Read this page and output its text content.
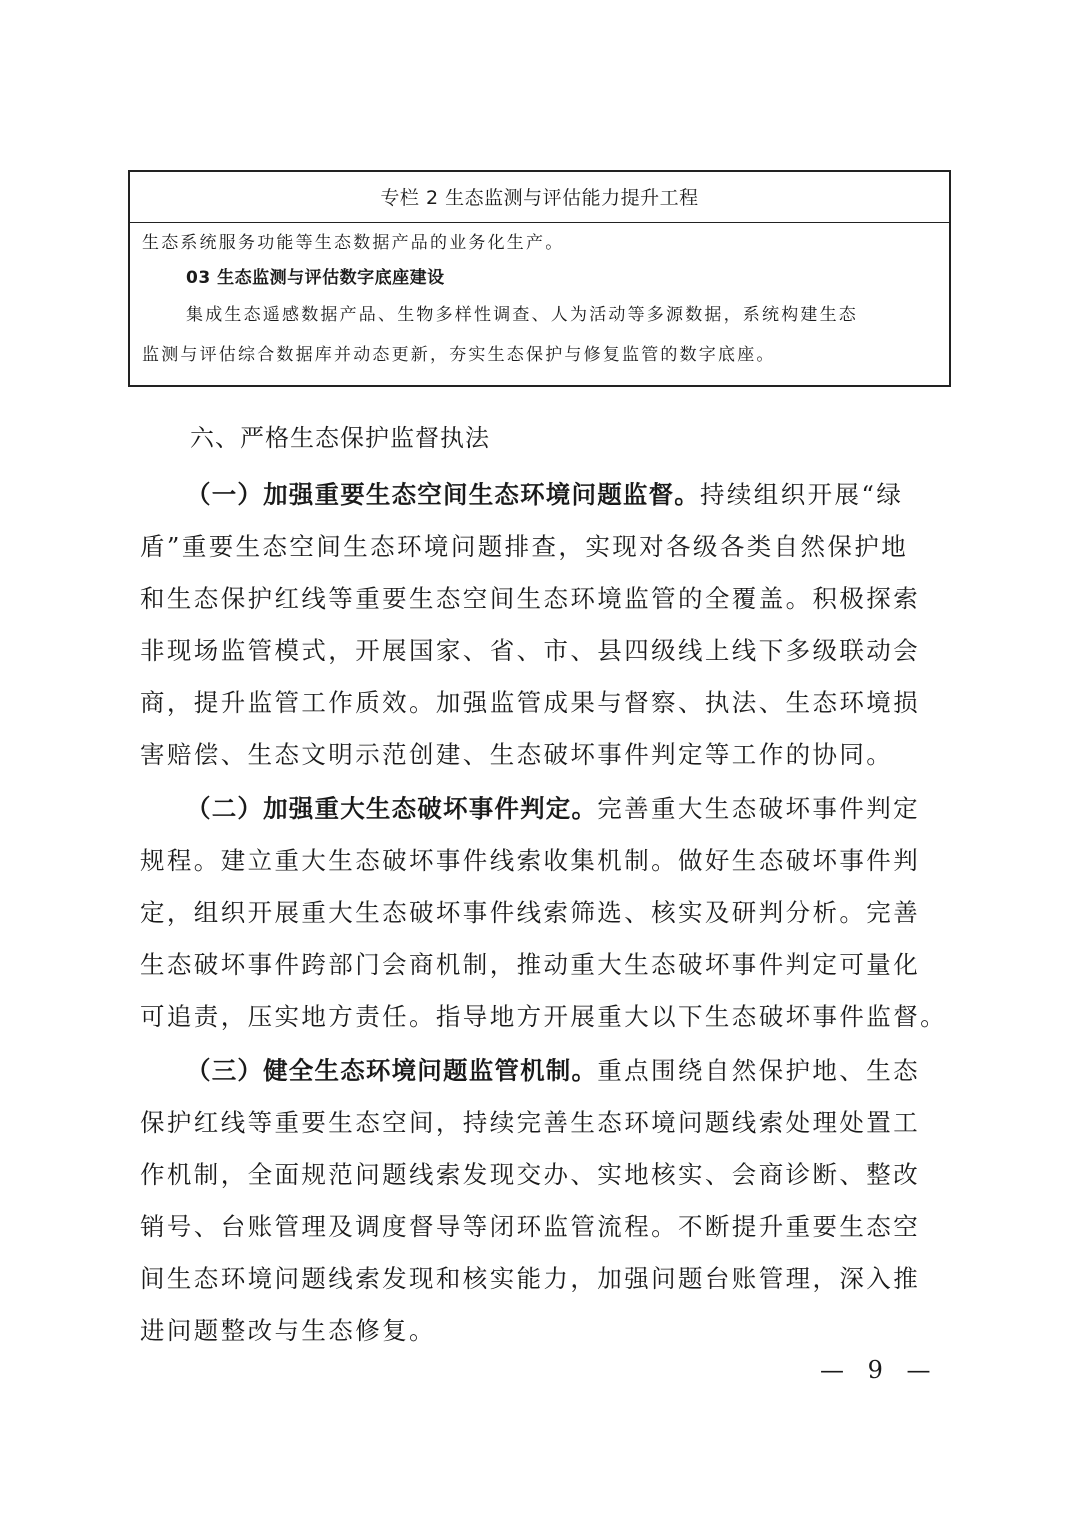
专栏 2 生态监测与评估能力提升工程
生态系统服务功能等生态数据产品的业务化生产。
03 生态监测与评估数字底座建设
集成生态遥感数据产品、生物多样性调查、人为活动等多源数据，系统构建生态
监测与评估综合数据库并动态更新，夯实生态保护与修复监管的数字底座。
六、严格生态保护监督执法
（一）加强重要生态空间生态环境问题监督。持续组织开展“绿
盾”重要生态空间生态环境问题排查，实现对各级各类自然保护地
和生态保护红线等重要生态空间生态环境监管的全覆盖。积极探索
非现场监管模式，开展国家、省、市、县四级线上线下多级联动会
商，提升监管工作质效。加强监管成果与督察、执法、生态环境损
害赔偿、生态文明示范创建、生态破坏事件判定等工作的协同。
（二）加强重大生态破坏事件判定。完善重大生态破坏事件判定
规程。建立重大生态破坏事件线索收集机制。做好生态破坏事件判
定，组织开展重大生态破坏事件线索筛选、核实及研判分析。完善
生态破坏事件跨部门会商机制，推动重大生态破坏事件判定可量化
可追责，压实地方责任。指导地方开展重大以下生态破坏事件监督。
（三）健全生态环境问题监管机制。重点围绕自然保护地、生态
保护红线等重要生态空间，持续完善生态环境问题线索处理处置工
作机制，全面规范问题线索发现交办、实地核实、会商诊断、整改
销号、台账管理及调度督导等闭环监管流程。不断提升重要生态空
间生态环境问题线索发现和核实能力，加强问题台账管理，深入推
进问题整改与生态修复。
— 9 —
